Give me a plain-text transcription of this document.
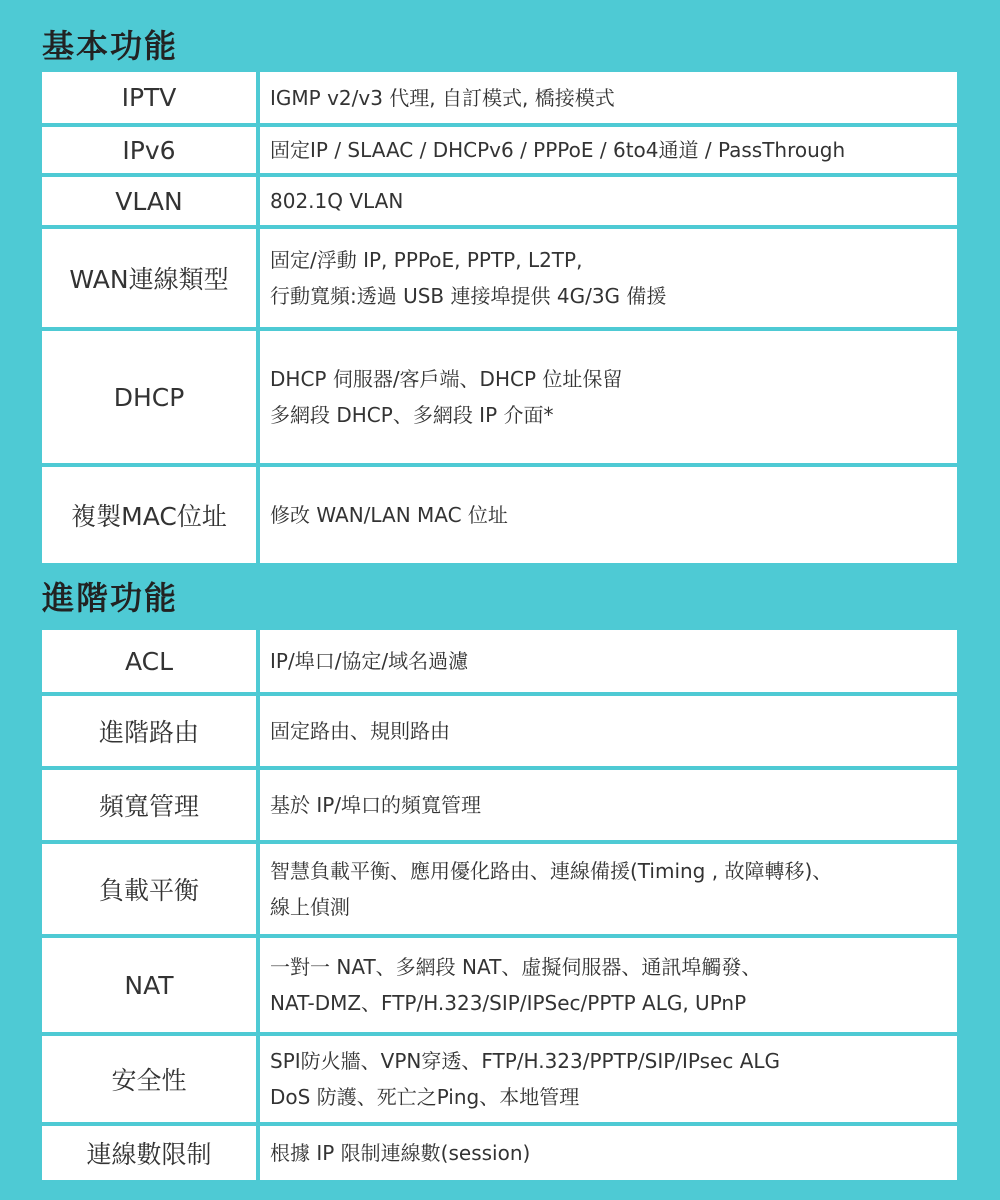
基本功能
IPTV	IGMP v2/v3 代理, 自訂模式, 橋接模式

IPv6	固定IP / SLAAC / DHCPv6 / PPPoE / 6to4通道 / PassThrough

VLAN	802.1Q VLAN

WAN連線類型	固定/浮動 IP, PPPoE, PPTP, L2TP,
行動寬頻:透過 USB 連接埠提供 4G/3G 備援

DHCP	DHCP 伺服器/客戶端、DHCP 位址保留
多網段 DHCP、多網段 IP 介面*

複製MAC位址	修改 WAN/LAN MAC 位址
進階功能
ACL	IP/埠口/協定/域名過濾

進階路由	固定路由、規則路由

頻寬管理	基於 IP/埠口的頻寬管理

負載平衡	智慧負載平衡、應用優化路由、連線備援(Timing , 故障轉移)、
線上偵測

NAT	一對一 NAT、多網段 NAT、虛擬伺服器、通訊埠觸發、
NAT-DMZ、FTP/H.323/SIP/IPSec/PPTP ALG, UPnP

安全性	SPI防火牆、VPN穿透、FTP/H.323/PPTP/SIP/IPsec ALG
DoS 防護、死亡之Ping、本地管理

連線數限制	根據 IP 限制連線數(session)
